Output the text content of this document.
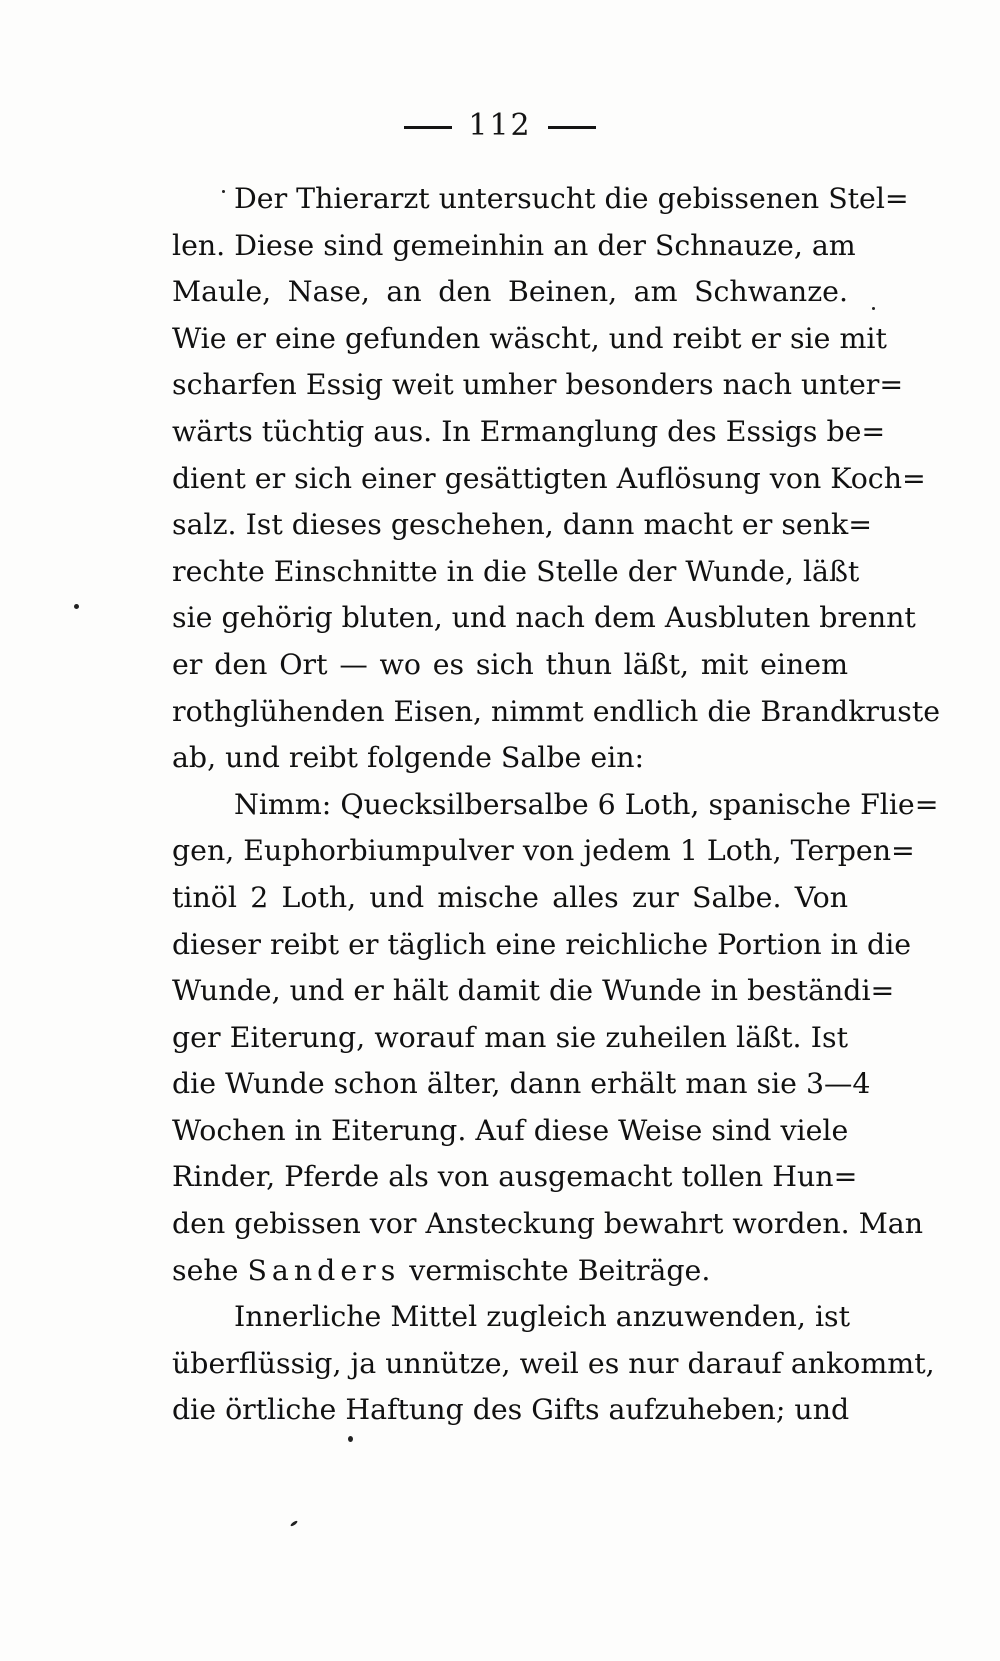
112

Der Thierarzt untersucht die gebissenen Stel=
len. Diese sind gemeinhin an der Schnauze, am
Maule, Nase, an den Beinen, am Schwanze.
Wie er eine gefunden wäscht, und reibt er sie mit
scharfen Essig weit umher besonders nach unter=
wärts tüchtig aus. In Ermanglung des Essigs be=
dient er sich einer gesättigten Auflösung von Koch=
salz. Ist dieses geschehen, dann macht er senk=
rechte Einschnitte in die Stelle der Wunde, läßt
sie gehörig bluten, und nach dem Ausbluten brennt
er den Ort — wo es sich thun läßt, mit einem
rothglühenden Eisen, nimmt endlich die Brandkruste
ab, und reibt folgende Salbe ein:

Nimm: Quecksilbersalbe 6 Loth, spanische Flie=
gen, Euphorbiumpulver von jedem 1 Loth, Terpen=
tinöl 2 Loth, und mische alles zur Salbe. Von
dieser reibt er täglich eine reichliche Portion in die
Wunde, und er hält damit die Wunde in beständi=
ger Eiterung, worauf man sie zuheilen läßt. Ist
die Wunde schon älter, dann erhält man sie 3—4
Wochen in Eiterung. Auf diese Weise sind viele
Rinder, Pferde als von ausgemacht tollen Hun=
den gebissen vor Ansteckung bewahrt worden. Man
sehe Sanders vermischte Beiträge.

Innerliche Mittel zugleich anzuwenden, ist
überflüssig, ja unnütze, weil es nur darauf ankommt,
die örtliche Haftung des Gifts aufzuheben; und
